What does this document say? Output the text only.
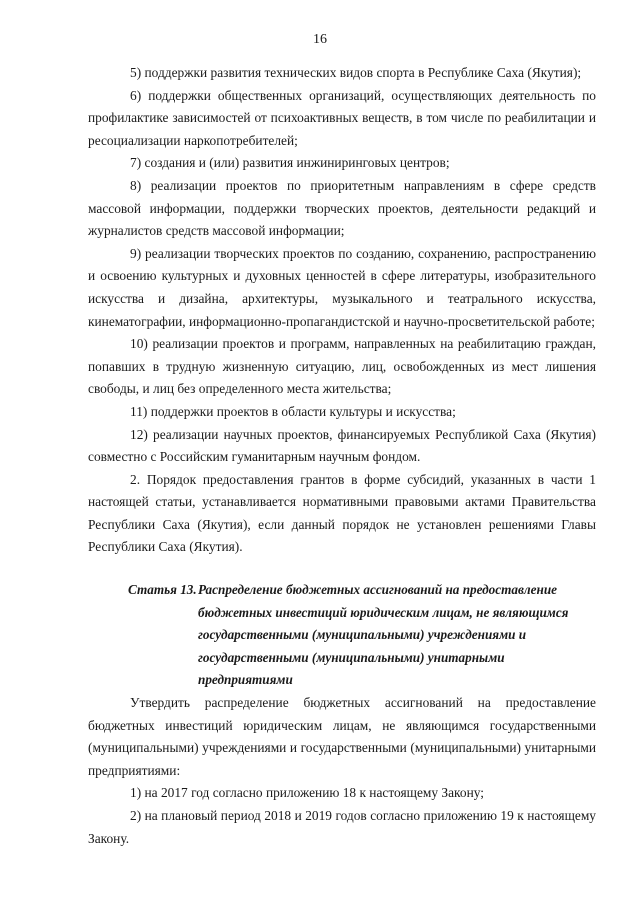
16

5) поддержки развития технических видов спорта в Республике Саха (Якутия);

6) поддержки общественных организаций, осуществляющих деятельность по профилактике зависимостей от психоактивных веществ, в том числе по реабилитации и ресоциализации наркопотребителей;

7) создания и (или) развития инжиниринговых центров;

8) реализации проектов по приоритетным направлениям в сфере средств массовой информации, поддержки творческих проектов, деятельности редакций и журналистов средств массовой информации;

9) реализации творческих проектов по созданию, сохранению, распространению и освоению культурных и духовных ценностей в сфере литературы, изобразительного искусства и дизайна, архитектуры, музыкального и театрального искусства, кинематографии, информационно-пропагандистской и научно-просветительской работе;

10) реализации проектов и программ, направленных на реабилитацию граждан, попавших в трудную жизненную ситуацию, лиц, освобожденных из мест лишения свободы, и лиц без определенного места жительства;

11) поддержки проектов в области культуры и искусства;

12) реализации научных проектов, финансируемых Республикой Саха (Якутия) совместно с Российским гуманитарным научным фондом.

2. Порядок предоставления грантов в форме субсидий, указанных в части 1 настоящей статьи, устанавливается нормативными правовыми актами Правительства Республики Саха (Якутия), если данный порядок не установлен решениями Главы Республики Саха (Якутия).

Статья 13. Распределение бюджетных ассигнований на предоставление бюджетных инвестиций юридическим лицам, не являющимся государственными (муниципальными) учреждениями и государственными (муниципальными) унитарными предприятиями

Утвердить распределение бюджетных ассигнований на предоставление бюджетных инвестиций юридическим лицам, не являющимся государственными (муниципальными) учреждениями и государственными (муниципальными) унитарными предприятиями:

1) на 2017 год согласно приложению 18 к настоящему Закону;

2) на плановый период 2018 и 2019 годов согласно приложению 19 к настоящему Закону.
